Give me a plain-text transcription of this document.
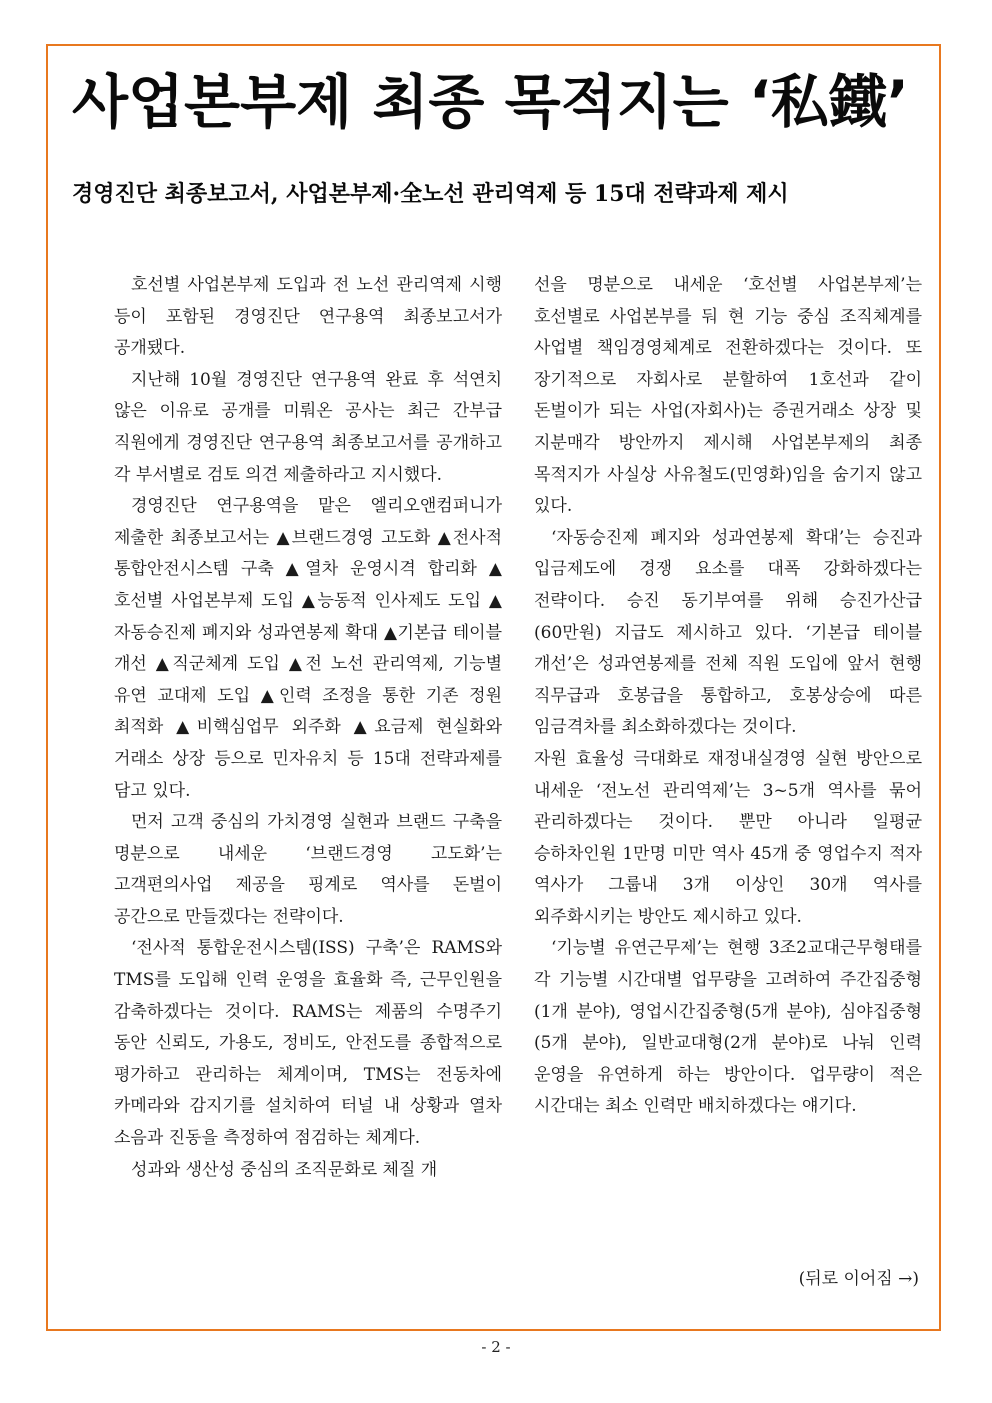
사업본부제 최종 목적지는 ‘私鐵’
경영진단 최종보고서, 사업본부제·全노선 관리역제 등 15대 전략과제 제시

호선별 사업본부제 도입과 전 노선 관리역제 시행 등이 포함된 경영진단 연구용역 최종보고서가 공개됐다.

지난해 10월 경영진단 연구용역 완료 후 석연치 않은 이유로 공개를 미뤄온 공사는 최근 간부급 직원에게 경영진단 연구용역 최종보고서를 공개하고 각 부서별로 검토 의견 제출하라고 지시했다.

경영진단 연구용역을 맡은 엘리오앤컴퍼니가 제출한 최종보고서는 ▲브랜드경영 고도화 ▲전사적 통합안전시스템 구축 ▲열차 운영시격 합리화 ▲호선별 사업본부제 도입 ▲능동적 인사제도 도입 ▲자동승진제 폐지와 성과연봉제 확대 ▲기본급 테이블 개선 ▲직군체계 도입 ▲전 노선 관리역제, 기능별 유연 교대제 도입 ▲인력 조정을 통한 기존 정원 최적화 ▲비핵심업무 외주화 ▲요금제 현실화와 거래소 상장 등으로 민자유치 등 15대 전략과제를 담고 있다.

먼저 고객 중심의 가치경영 실현과 브랜드 구축을 명분으로 내세운 ‘브랜드경영 고도화’는 고객편의사업 제공을 핑계로 역사를 돈벌이 공간으로 만들겠다는 전략이다.

‘전사적 통합운전시스템(ISS) 구축’은 RAMS와 TMS를 도입해 인력 운영을 효율화 즉, 근무인원을 감축하겠다는 것이다. RAMS는 제품의 수명주기 동안 신뢰도, 가용도, 정비도, 안전도를 종합적으로 평가하고 관리하는 체계이며, TMS는 전동차에 카메라와 감지기를 설치하여 터널 내 상황과 열차 소음과 진동을 측정하여 점검하는 체계다.

성과와 생산성 중심의 조직문화로 체질 개

선을 명분으로 내세운 ‘호선별 사업본부제’는 호선별로 사업본부를 둬 현 기능 중심 조직체계를 사업별 책임경영체계로 전환하겠다는 것이다. 또 장기적으로 자회사로 분할하여 1호선과 같이 돈벌이가 되는 사업(자회사)는 증권거래소 상장 및 지분매각 방안까지 제시해 사업본부제의 최종 목적지가 사실상 사유철도(민영화)임을 숨기지 않고 있다.

‘자동승진제 폐지와 성과연봉제 확대’는 승진과 입금제도에 경쟁 요소를 대폭 강화하겠다는 전략이다. 승진 동기부여를 위해 승진가산급(60만원) 지급도 제시하고 있다. ‘기본급 테이블 개선’은 성과연봉제를 전체 직원 도입에 앞서 현행 직무급과 호봉급을 통합하고, 호봉상승에 따른 임금격차를 최소화하겠다는 것이다.

자원 효율성 극대화로 재정내실경영 실현 방안으로 내세운 ‘전노선 관리역제’는 3~5개 역사를 묶어 관리하겠다는 것이다. 뿐만 아니라 일평균 승하차인원 1만명 미만 역사 45개 중 영업수지 적자 역사가 그룹내 3개 이상인 30개 역사를 외주화시키는 방안도 제시하고 있다.

‘기능별 유연근무제’는 현행 3조2교대근무형태를 각 기능별 시간대별 업무량을 고려하여 주간집중형(1개 분야), 영업시간집중형(5개 분야), 심야집중형(5개 분야), 일반교대형(2개 분야)로 나눠 인력 운영을 유연하게 하는 방안이다. 업무량이 적은 시간대는 최소 인력만 배치하겠다는 얘기다.

(뒤로 이어짐 →)
- 2 -
